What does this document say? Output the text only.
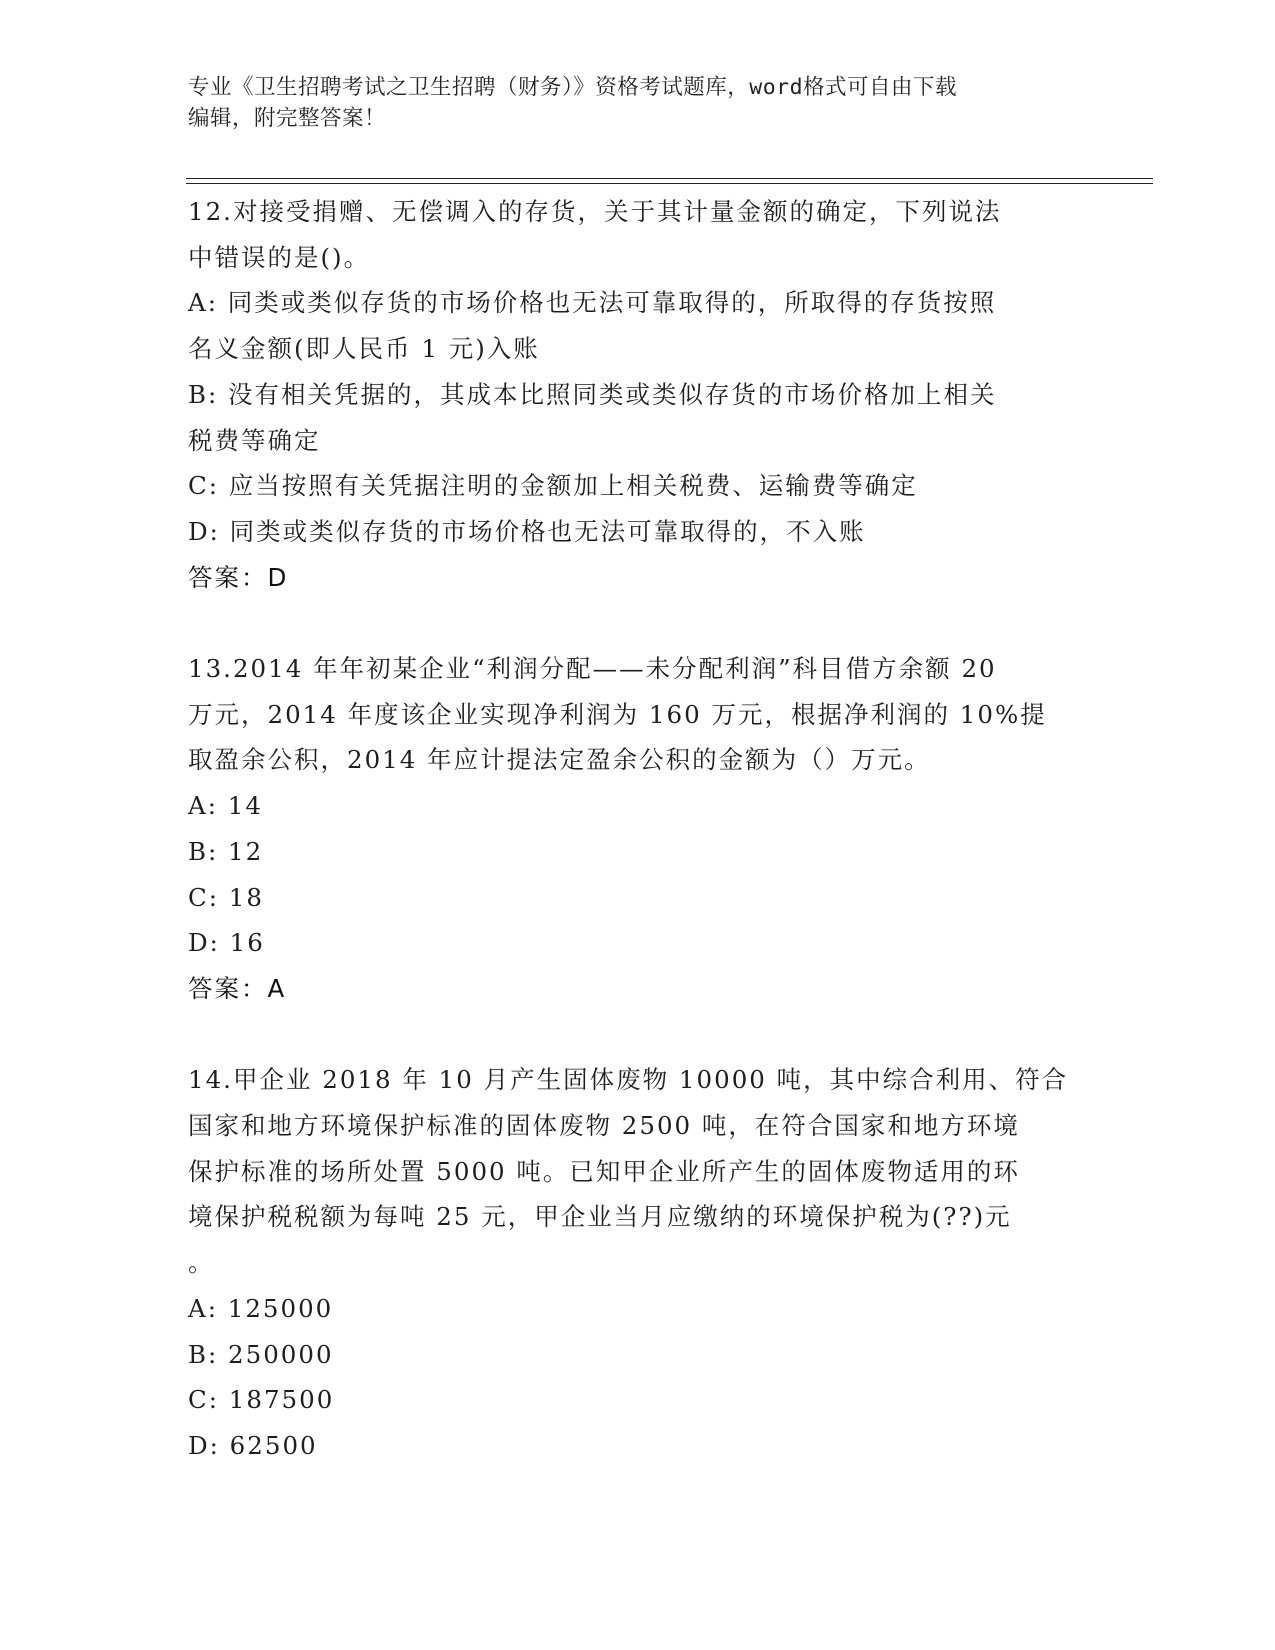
专业《卫生招聘考试之卫生招聘（财务）》资格考试题库，word格式可自由下载
编辑，附完整答案！
12.对接受捐赠、无偿调入的存货，关于其计量金额的确定，下列说法
中错误的是()。
A: 同类或类似存货的市场价格也无法可靠取得的，所取得的存货按照
名义金额(即人民币 1 元)入账
B: 没有相关凭据的，其成本比照同类或类似存货的市场价格加上相关
税费等确定
C: 应当按照有关凭据注明的金额加上相关税费、运输费等确定
D: 同类或类似存货的市场价格也无法可靠取得的，不入账
答案：D
13.2014 年年初某企业“利润分配——未分配利润”科目借方余额 20
万元，2014 年度该企业实现净利润为 160 万元，根据净利润的 10%提
取盈余公积，2014 年应计提法定盈余公积的金额为（）万元。
A: 14
B: 12
C: 18
D: 16
答案：A
14.甲企业 2018 年 10 月产生固体废物 10000 吨，其中综合利用、符合
国家和地方环境保护标准的固体废物 2500 吨，在符合国家和地方环境
保护标准的场所处置 5000 吨。已知甲企业所产生的固体废物适用的环
境保护税税额为每吨 25 元，甲企业当月应缴纳的环境保护税为(??)元
。
A: 125000
B: 250000
C: 187500
D: 62500
